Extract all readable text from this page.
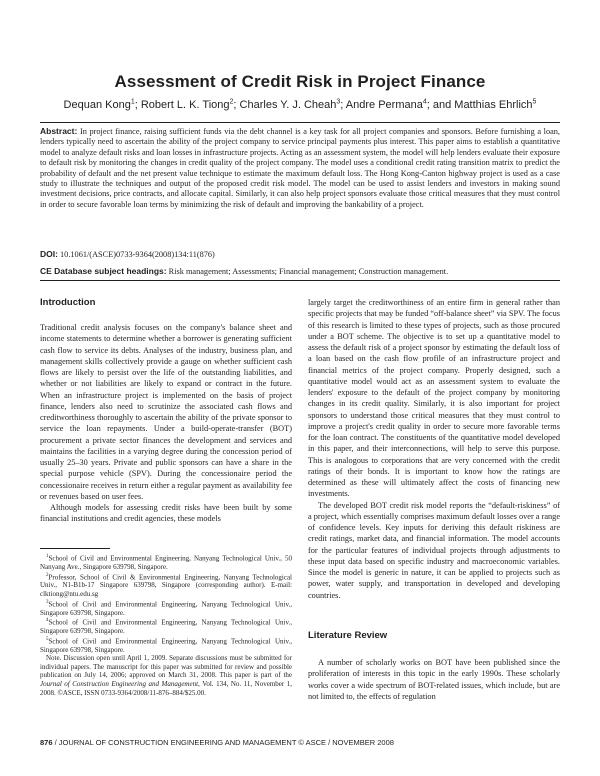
Assessment of Credit Risk in Project Finance
Dequan Kong$^1$; Robert L. K. Tiong$^2$; Charles Y. J. Cheah$^3$; Andre Permana$^4$; and Matthias Ehrlich$^5$
Abstract: In project finance, raising sufficient funds via the debt channel is a key task for all project companies and sponsors. Before furnishing a loan, lenders typically need to ascertain the ability of the project company to service principal payments plus interest. This paper aims to establish a quantitative model to analyze default risks and loan losses in infrastructure projects. Acting as an assessment system, the model will help lenders evaluate their exposure to default risk by monitoring the changes in credit quality of the project company. The model uses a conditional credit rating transition matrix to predict the probability of default and the net present value technique to estimate the maximum default loss. The Hong Kong-Canton highway project is used as a case study to illustrate the techniques and output of the proposed credit risk model. The model can be used to assist lenders and investors in making sound investment decisions, price contracts, and allocate capital. Similarly, it can also help project sponsors evaluate those critical measures that they must control in order to secure favorable loan terms by minimizing the risk of default and improving the bankability of a project.
DOI: 10.1061/(ASCE)0733-9364(2008)134:11(876)
CE Database subject headings: Risk management; Assessments; Financial management; Construction management.
Introduction

Traditional credit analysis focuses on the company's balance sheet and income statements to determine whether a borrower is generating sufficient cash flow to service its debts. Analyses of the industry, business plan, and management skills collectively provide a gauge on whether sufficient cash flows are likely to persist over the life of the outstanding liabilities, and whether or not liabilities are likely to expand or contract in the future. When an infrastructure project is implemented on the basis of project finance, lenders also need to scrutinize the associated cash flows and creditworthiness thoroughly to ascertain the ability of the private sponsor to service the loan repayments. Under a build-operate-transfer (BOT) procurement a private sector finances the development and services and maintains the facilities in a varying degree during the concession period of usually 25–30 years. Private and public sponsors can have a share in the special purpose vehicle (SPV). During the concessionaire period the concessionaire receives in return either a regular payment as availability fee or revenues based on user fees.

Although models for assessing credit risks have been built by some financial institutions and credit agencies, these models

$^1$School of Civil and Environmental Engineering, Nanyang Technological Univ., 50 Nanyang Ave., Singapore 639798, Singapore.

$^2$Professor, School of Civil & Environmental Engineering, Nanyang Technological Univ., N1-B1b-17 Singapore 639798, Singapore (corresponding author). E-mail: clktiong@ntu.edu.sg

$^3$School of Civil and Environmental Engineering, Nanyang Technological Univ., Singapore 639798, Singapore.

$^4$School of Civil and Environmental Engineering, Nanyang Technological Univ., Singapore 639798, Singapore.

$^5$School of Civil and Environmental Engineering, Nanyang Technological Univ., Singapore 639798, Singapore.

Note. Discussion open until April 1, 2009. Separate discussions must be submitted for individual papers. The manuscript for this paper was submitted for review and possible publication on July 14, 2006; approved on March 31, 2008. This paper is part of the Journal of Construction Engineering and Management, Vol. 134, No. 11, November 1, 2008. ©ASCE, ISSN 0733-9364/2008/11-876–884/$25.00.

largely target the creditworthiness of an entire firm in general rather than specific projects that may be funded “off-balance sheet” via SPV. The focus of this research is limited to these types of projects, such as those procured under a BOT scheme. The objective is to set up a quantitative model to assess the default risk of a project sponsor by estimating the default loss of a loan based on the cash flow profile of an infrastructure project and financial metrics of the project company. Properly designed, such a quantitative model would act as an assessment system to evaluate the lenders' exposure to the default of the project company by monitoring changes in its credit quality. Similarly, it is also important for project sponsors to understand those critical measures that they must control to improve a project's credit quality in order to secure more favorable terms for the loan contract. The constituents of the quantitative model developed in this paper, and their interconnections, will help to serve this purpose. This is analogous to corporations that are very concerned with the credit ratings of their bonds. It is important to know how the ratings are determined as these will ultimately affect the costs of financing new investments.

The developed BOT credit risk model reports the “default-riskiness” of a project, which essentially comprises maximum default losses over a range of confidence levels. Key inputs for deriving this default riskiness are credit ratings, market data, and financial information. The model accounts for the particular features of individual projects through adjustments to these input data based on specific industry and macroeconomic variables. Since the model is generic in nature, it can be applied to projects such as power, water supply, and transportation in developed and developing countries.

Literature Review

A number of scholarly works on BOT have been published since the proliferation of interests in this topic in the early 1990s. These scholarly works cover a wide spectrum of BOT-related issues, which include, but are not limited to, the effects of regulation

876 / JOURNAL OF CONSTRUCTION ENGINEERING AND MANAGEMENT © ASCE / NOVEMBER 2008
